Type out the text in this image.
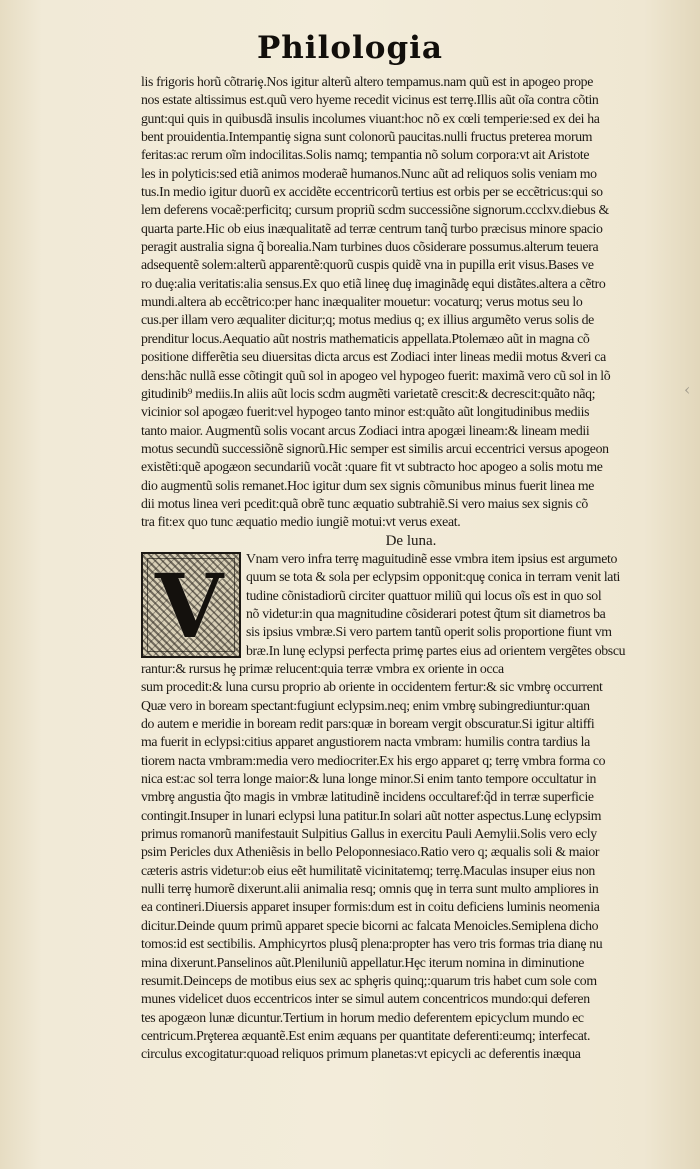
Philologia
lis frigoris horũ cõtrariȩ.Nos igitur alterũ altero tempamus.nam quũ est in apogeo prope
nos estate altissimus est.quũ vero hyeme recedit vicinus est terrȩ.Illis aũt oĩa contra cõtin
gunt:qui quis in quibusdã insulis incolumes viuant:hoc nõ ex cœli temperie:sed ex dei ha
bent prouidentia.Intempantiȩ signa sunt colonorũ paucitas.nulli fructus preterea morum
feritas:ac rerum oĩm indocilitas.Solis namq; tempantia nõ solum corpora:vt ait Aristote
les in polyticis:sed etiã animos moderaẽ humanos.Nunc aũt ad reliquos solis veniam mo
tus.In medio igitur duorũ ex accidẽte eccentricorũ tertius est orbis per se eccẽtricus:qui so
lem deferens vocaẽ:perficitq; cursum propriũ scdm successiõne signorum.ccclxv.diebus &
quarta parte.Hic ob eius inæqualitatẽ ad terræ centrum tanq̃ turbo præcisus minore spacio
peragit australia signa q̃ borealia.Nam turbines duos cõsiderare possumus.alterum teuera
adsequentẽ solem:alterũ apparentẽ:quorũ cuspis quidẽ vna in pupilla erit visus.Bases ve
ro duȩ:alia veritatis:alia sensus.Ex quo etiã lineȩ duȩ imaginãdȩ equi distãtes.altera a cẽtro
mundi.altera ab eccẽtrico:per hanc inæqualiter mouetur: vocaturq; verus motus seu lo
cus.per illam vero æqualiter dicitur;q; motus medius q; ex illius argumẽto verus solis de
prenditur locus.Aequatio aũt nostris mathematicis appellata.Ptolemæo aũt in magna cõ
positione differẽtia seu diuersitas dicta arcus est Zodiaci inter lineas medii motus &veri ca
dens:hãc nullã esse cõtingit quũ sol in apogeo vel hypogeo fuerit: maximã vero cũ sol in lõ
gitudinib⁹ mediis.In aliis aũt locis scdm augmẽti varietatẽ crescit:& decrescit:quãto nãq;
vicinior sol apogæo fuerit:vel hypogeo tanto minor est:quãto aũt longitudinibus mediis
tanto maior. Augmentũ solis vocant arcus Zodiaci intra apogæi lineam:& lineam medii
motus secundũ successiõnẽ signorũ.Hic semper est similis arcui eccentrici versus apogeon
existẽti:quẽ apogæon secundariũ vocãt :quare fit vt subtracto hoc apogeo a solis motu me
dio augmentũ solis remanet.Hoc igitur dum sex signis cõmunibus minus fuerit linea me
dii motus linea veri pcedit:quã obrẽ tunc æquatio subtrahiẽ.Si vero maius sex signis cõ
tra fit:ex quo tunc æquatio medio iungiẽ motui:vt verus exeat.
De luna.
V Vnam vero infra terrȩ maguitudinẽ esse vmbra item ipsius est argumeto
quum se tota & sola per eclypsim opponit:quȩ conica in terram venit lati
tudine cõnistadiorũ circiter quattuor miliũ qui locus oĩs est in quo sol
nõ videtur:in qua magnitudine cõsiderari potest q̃tum sit diametros ba
sis ipsius vmbræ.Si vero partem tantũ operit solis proportione fiunt vm
bræ.In lunȩ eclypsi perfecta primȩ partes eius ad orientem vergẽtes obscu
rantur:& rursus hȩ primæ relucent:quia terræ vmbra ex oriente in occa
sum procedit:& luna cursu proprio ab oriente in occidentem fertur:& sic vmbrȩ occurrent
Quæ vero in boream spectant:fugiunt eclypsim.neq; enim vmbrȩ subingrediuntur:quan
do autem e meridie in boream redit pars:quæ in boream vergit obscuratur.Si igitur altiffi
ma fuerit in eclypsi:citius apparet angustiorem nacta vmbram: humilis contra tardius la
tiorem nacta vmbram:media vero mediocriter.Ex his ergo apparet q; terrȩ vmbra forma co
nica est:ac sol terra longe maior:& luna longe minor.Si enim tanto tempore occultatur in
vmbrȩ angustia q̃to magis in vmbræ latitudinẽ incidens occultaref:q̃d in terræ superficie
contingit.Insuper in lunari eclypsi luna patitur.In solari aũt notter aspectus.Lunȩ eclypsim
primus romanorũ manifestauit Sulpitius Gallus in exercitu Pauli Aemylii.Solis vero ecly
psim Pericles dux Atheniẽsis in bello Peloponnesiaco.Ratio vero q; æqualis soli & maior
cæteris astris videtur:ob eius eẽt humilitatẽ vicinitatemq; terrȩ.Maculas insuper eius non
nulli terrȩ humorẽ dixerunt.alii animalia resq; omnis quȩ in terra sunt multo ampliores in
ea contineri.Diuersis apparet insuper formis:dum est in coitu deficiens luminis neomenia
dicitur.Deinde quum primũ apparet specie bicorni ac falcata Menoicles.Semiplena dicho
tomos:id est sectibilis. Amphicyrtos plusq̃ plena:propter has vero tris formas tria dianȩ nu
mina dixerunt.Panselinos aũt.Pleniluniũ appellatur.Hȩc iterum nomina in diminutione
resumit.Deinceps de motibus eius sex ac sphȩris quinq;:quarum tris habet cum sole com
munes videlicet duos eccentricos inter se simul autem concentricos mundo:qui deferen
tes apogæon lunæ dicuntur.Tertium in horum medio deferentem epicyclum mundo ec
centricum.Prȩterea æquantẽ.Est enim æquans per quantitate deferenti:eumq; interfecat.
circulus excogitatur:quoad reliquos primum planetas:vt epicycli ac deferentis inæqua
‹
